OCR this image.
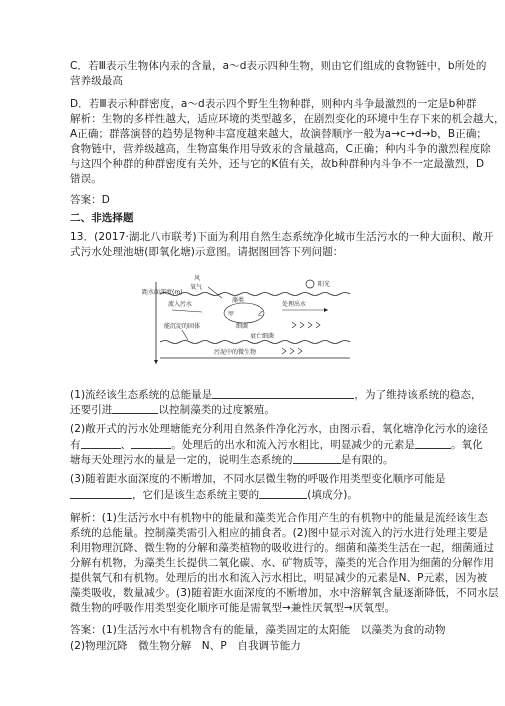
C．若Ⅲ表示生物体内汞的含量，a～d表示四种生物，则由它们组成的食物链中，b所处的
营养级最高
D．若Ⅲ表示种群密度，a～d表示四个野生生物种群，则种内斗争最激烈的一定是b种群
解析：生物的多样性越大，适应环境的类型越多，在剧烈变化的环境中生存下来的机会越大，
A正确；群落演替的趋势是物种丰富度越来越大，故演替顺序一般为a→c→d→b，B正确；
食物链中，营养级越高，生物富集作用导致汞的含量越高，C正确；种内斗争的激烈程度除
与这四个种群的种群密度有关外，还与它的K值有关，故b种群种内斗争不一定最激烈，D
错误。
答案：D
二、非选择题
13．(2017·湖北八市联考)下面为利用自然生态系统净化城市生活污水的一种大面积、敞开
式污水处理池塘(即氧化塘)示意图。请据图回答下列问题：
距水面深度(m)
阳光
风
氧气
流入污水
藻类
甲	乙
细菌
处理出水
能沉淀的固体
衰亡细菌
污泥中的微生物
(1)流经该生态系统的总能量是	，为了维持该系统的稳态，
还要引进	以控制藻类的过度繁殖。
(2)敞开式的污水处理塘能充分利用自然条件净化污水，由图示看，氧化塘净化污水的途径
有	、	。处理后的出水和流入污水相比，明显减少的元素是	。氧化
塘每天处理污水的量是一定的，说明生态系统的	是有限的。
(3)随着距水面深度的不断增加，不同水层微生物的呼吸作用类型变化顺序可能是
，它们是该生态系统主要的	(填成分)。
解析：(1)生活污水中有机物中的能量和藻类光合作用产生的有机物中的能量是流经该生态
系统的总能量。控制藻类需引入相应的捕食者。(2)图中显示对流入的污水进行处理主要是
利用物理沉降、微生物的分解和藻类植物的吸收进行的。细菌和藻类生活在一起，细菌通过
分解有机物，为藻类生长提供二氧化碳、水、矿物质等，藻类的光合作用为细菌的分解作用
提供氧气和有机物。处理后的出水和流入污水相比，明显减少的元素是N、P元素，因为被
藻类吸收，数量减少。(3)随着距水面深度的不断增加，水中溶解氧含量逐渐降低，不同水层
微生物的呼吸作用类型变化顺序可能是需氧型→兼性厌氧型→厌氧型。
答案：(1)生活污水中有机物含有的能量，藻类固定的太阳能　以藻类为食的动物
(2)物理沉降　微生物分解　N、P　自我调节能力
